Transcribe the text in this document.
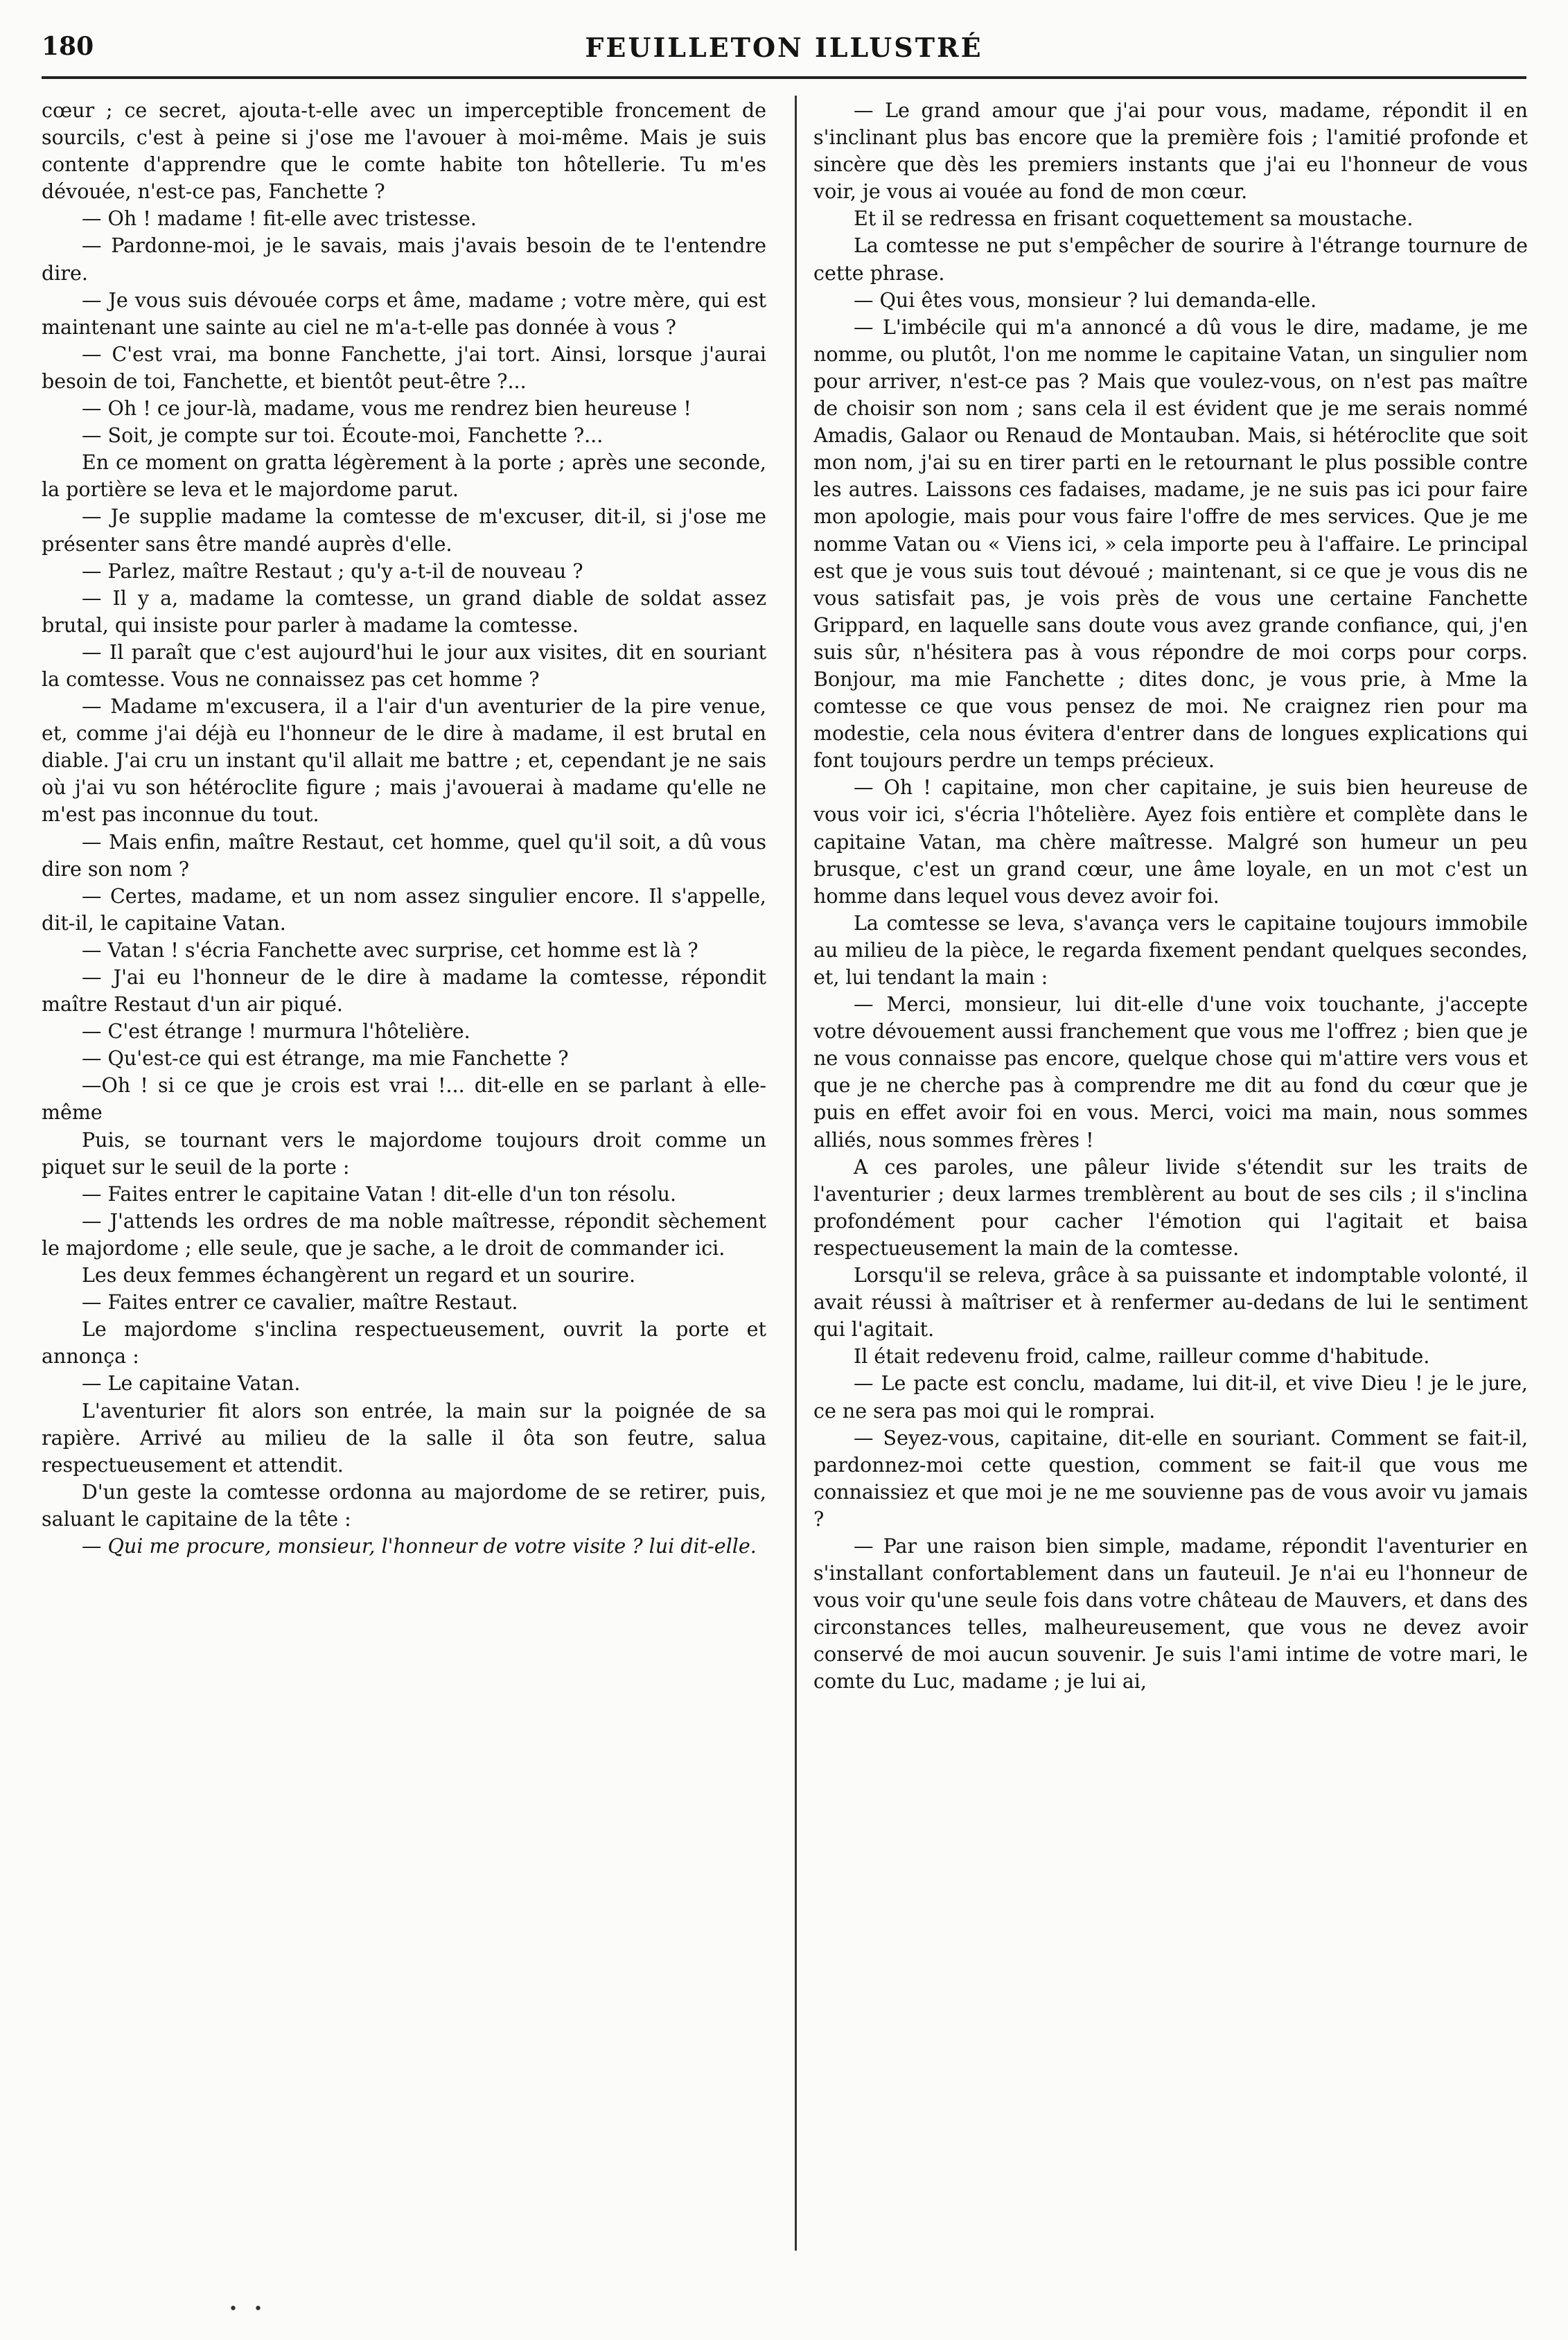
180	FEUILLETON ILLUSTRÉ

cœur ; ce secret, ajouta-t-elle avec un imperceptible froncement de sourcils, c'est à peine si j'ose me l'avouer à moi-même. Mais je suis contente d'apprendre que le comte habite ton hôtellerie. Tu m'es dévouée, n'est-ce pas, Fanchette ?

— Oh ! madame ! fit-elle avec tristesse.

— Pardonne-moi, je le savais, mais j'avais besoin de te l'entendre dire.

— Je vous suis dévouée corps et âme, madame ; votre mère, qui est maintenant une sainte au ciel ne m'a-t-elle pas donnée à vous ?

— C'est vrai, ma bonne Fanchette, j'ai tort. Ainsi, lorsque j'aurai besoin de toi, Fanchette, et bientôt peut-être ?...

— Oh ! ce jour-là, madame, vous me rendrez bien heureuse !

— Soit, je compte sur toi. Écoute-moi, Fanchette ?...

En ce moment on gratta légèrement à la porte ; après une seconde, la portière se leva et le majordome parut.

— Je supplie madame la comtesse de m'excuser, dit-il, si j'ose me présenter sans être mandé auprès d'elle.

— Parlez, maître Restaut ; qu'y a-t-il de nouveau ?

— Il y a, madame la comtesse, un grand diable de soldat assez brutal, qui insiste pour parler à madame la comtesse.

— Il paraît que c'est aujourd'hui le jour aux visites, dit en souriant la comtesse. Vous ne connaissez pas cet homme ?

— Madame m'excusera, il a l'air d'un aventurier de la pire venue, et, comme j'ai déjà eu l'honneur de le dire à madame, il est brutal en diable. J'ai cru un instant qu'il allait me battre ; et, cependant je ne sais où j'ai vu son hétéroclite figure ; mais j'avouerai à madame qu'elle ne m'est pas inconnue du tout.

— Mais enfin, maître Restaut, cet homme, quel qu'il soit, a dû vous dire son nom ?

— Certes, madame, et un nom assez singulier encore. Il s'appelle, dit-il, le capitaine Vatan.

— Vatan ! s'écria Fanchette avec surprise, cet homme est là ?

— J'ai eu l'honneur de le dire à madame la comtesse, répondit maître Restaut d'un air piqué.

— C'est étrange ! murmura l'hôtelière.

— Qu'est-ce qui est étrange, ma mie Fanchette ?

—Oh ! si ce que je crois est vrai !... dit-elle en se parlant à elle-même

Puis, se tournant vers le majordome toujours droit comme un piquet sur le seuil de la porte :

— Faites entrer le capitaine Vatan ! dit-elle d'un ton résolu.

— J'attends les ordres de ma noble maîtresse, répondit sèchement le majordome ; elle seule, que je sache, a le droit de commander ici.

Les deux femmes échangèrent un regard et un sourire.

— Faites entrer ce cavalier, maître Restaut.

Le majordome s'inclina respectueusement, ouvrit la porte et annonça :

— Le capitaine Vatan.

L'aventurier fit alors son entrée, la main sur la poignée de sa rapière. Arrivé au milieu de la salle il ôta son feutre, salua respectueusement et attendit.

D'un geste la comtesse ordonna au majordome de se retirer, puis, saluant le capitaine de la tête :

— Qui me procure, monsieur, l'honneur de votre visite ? lui dit-elle.

— Le grand amour que j'ai pour vous, madame, répondit il en s'inclinant plus bas encore que la première fois ; l'amitié profonde et sincère que dès les premiers instants que j'ai eu l'honneur de vous voir, je vous ai vouée au fond de mon cœur.

Et il se redressa en frisant coquettement sa moustache.

La comtesse ne put s'empêcher de sourire à l'étrange tournure de cette phrase.

— Qui êtes vous, monsieur ? lui demanda-elle.

— L'imbécile qui m'a annoncé a dû vous le dire, madame, je me nomme, ou plutôt, l'on me nomme le capitaine Vatan, un singulier nom pour arriver, n'est-ce pas ? Mais que voulez-vous, on n'est pas maître de choisir son nom ; sans cela il est évident que je me serais nommé Amadis, Galaor ou Renaud de Montauban. Mais, si hétéroclite que soit mon nom, j'ai su en tirer parti en le retournant le plus possible contre les autres. Laissons ces fadaises, madame, je ne suis pas ici pour faire mon apologie, mais pour vous faire l'offre de mes services. Que je me nomme Vatan ou « Viens ici, » cela importe peu à l'affaire. Le principal est que je vous suis tout dévoué ; maintenant, si ce que je vous dis ne vous satisfait pas, je vois près de vous une certaine Fanchette Grippard, en laquelle sans doute vous avez grande confiance, qui, j'en suis sûr, n'hésitera pas à vous répondre de moi corps pour corps. Bonjour, ma mie Fanchette ; dites donc, je vous prie, à Mme la comtesse ce que vous pensez de moi. Ne craignez rien pour ma modestie, cela nous évitera d'entrer dans de longues explications qui font toujours perdre un temps précieux.

— Oh ! capitaine, mon cher capitaine, je suis bien heureuse de vous voir ici, s'écria l'hôtelière. Ayez fois entière et complète dans le capitaine Vatan, ma chère maîtresse. Malgré son humeur un peu brusque, c'est un grand cœur, une âme loyale, en un mot c'est un homme dans lequel vous devez avoir foi.

La comtesse se leva, s'avança vers le capitaine toujours immobile au milieu de la pièce, le regarda fixement pendant quelques secondes, et, lui tendant la main :

— Merci, monsieur, lui dit-elle d'une voix touchante, j'accepte votre dévouement aussi franchement que vous me l'offrez ; bien que je ne vous connaisse pas encore, quelque chose qui m'attire vers vous et que je ne cherche pas à comprendre me dit au fond du cœur que je puis en effet avoir foi en vous. Merci, voici ma main, nous sommes alliés, nous sommes frères !

A ces paroles, une pâleur livide s'étendit sur les traits de l'aventurier ; deux larmes tremblèrent au bout de ses cils ; il s'inclina profondément pour cacher l'émotion qui l'agitait et baisa respectueusement la main de la comtesse.

Lorsqu'il se releva, grâce à sa puissante et indomptable volonté, il avait réussi à maîtriser et à renfermer au-dedans de lui le sentiment qui l'agitait.

Il était redevenu froid, calme, railleur comme d'habitude.

— Le pacte est conclu, madame, lui dit-il, et vive Dieu ! je le jure, ce ne sera pas moi qui le romprai.

— Seyez-vous, capitaine, dit-elle en souriant. Comment se fait-il, pardonnez-moi cette question, comment se fait-il que vous me connaissiez et que moi je ne me souvienne pas de vous avoir vu jamais ?

— Par une raison bien simple, madame, répondit l'aventurier en s'installant confortablement dans un fauteuil. Je n'ai eu l'honneur de vous voir qu'une seule fois dans votre château de Mauvers, et dans des circonstances telles, malheureusement, que vous ne devez avoir conservé de moi aucun souvenir. Je suis l'ami intime de votre mari, le comte du Luc, madame ; je lui ai,

• •
